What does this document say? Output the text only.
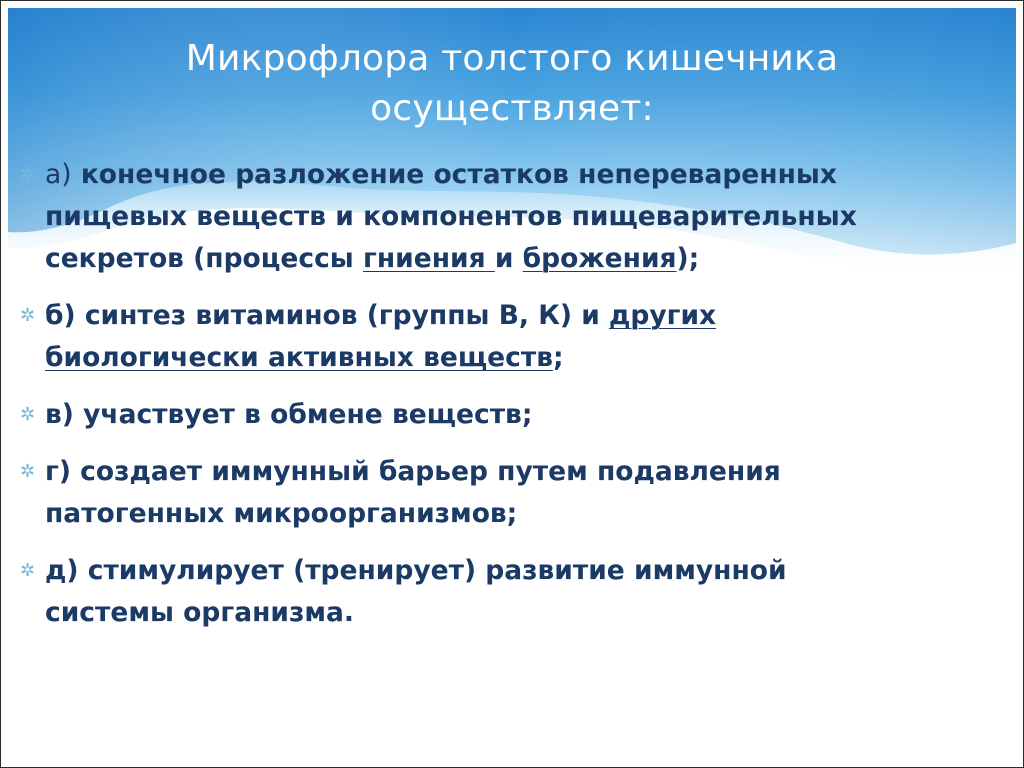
Микрофлора толстого кишечника
осуществляет:
✲ а) конечное разложение остатков непереваренных
пищевых веществ и компонентов пищеварительных
секретов (процессы гниения и брожения);
✲ б) синтез витаминов (группы В, К) и других
биологически активных веществ;
✲ в) участвует в обмене веществ;
✲ г) создает иммунный барьер путем подавления
патогенных микроорганизмов;
✲ д) стимулирует (тренирует) развитие иммунной
системы организма.
